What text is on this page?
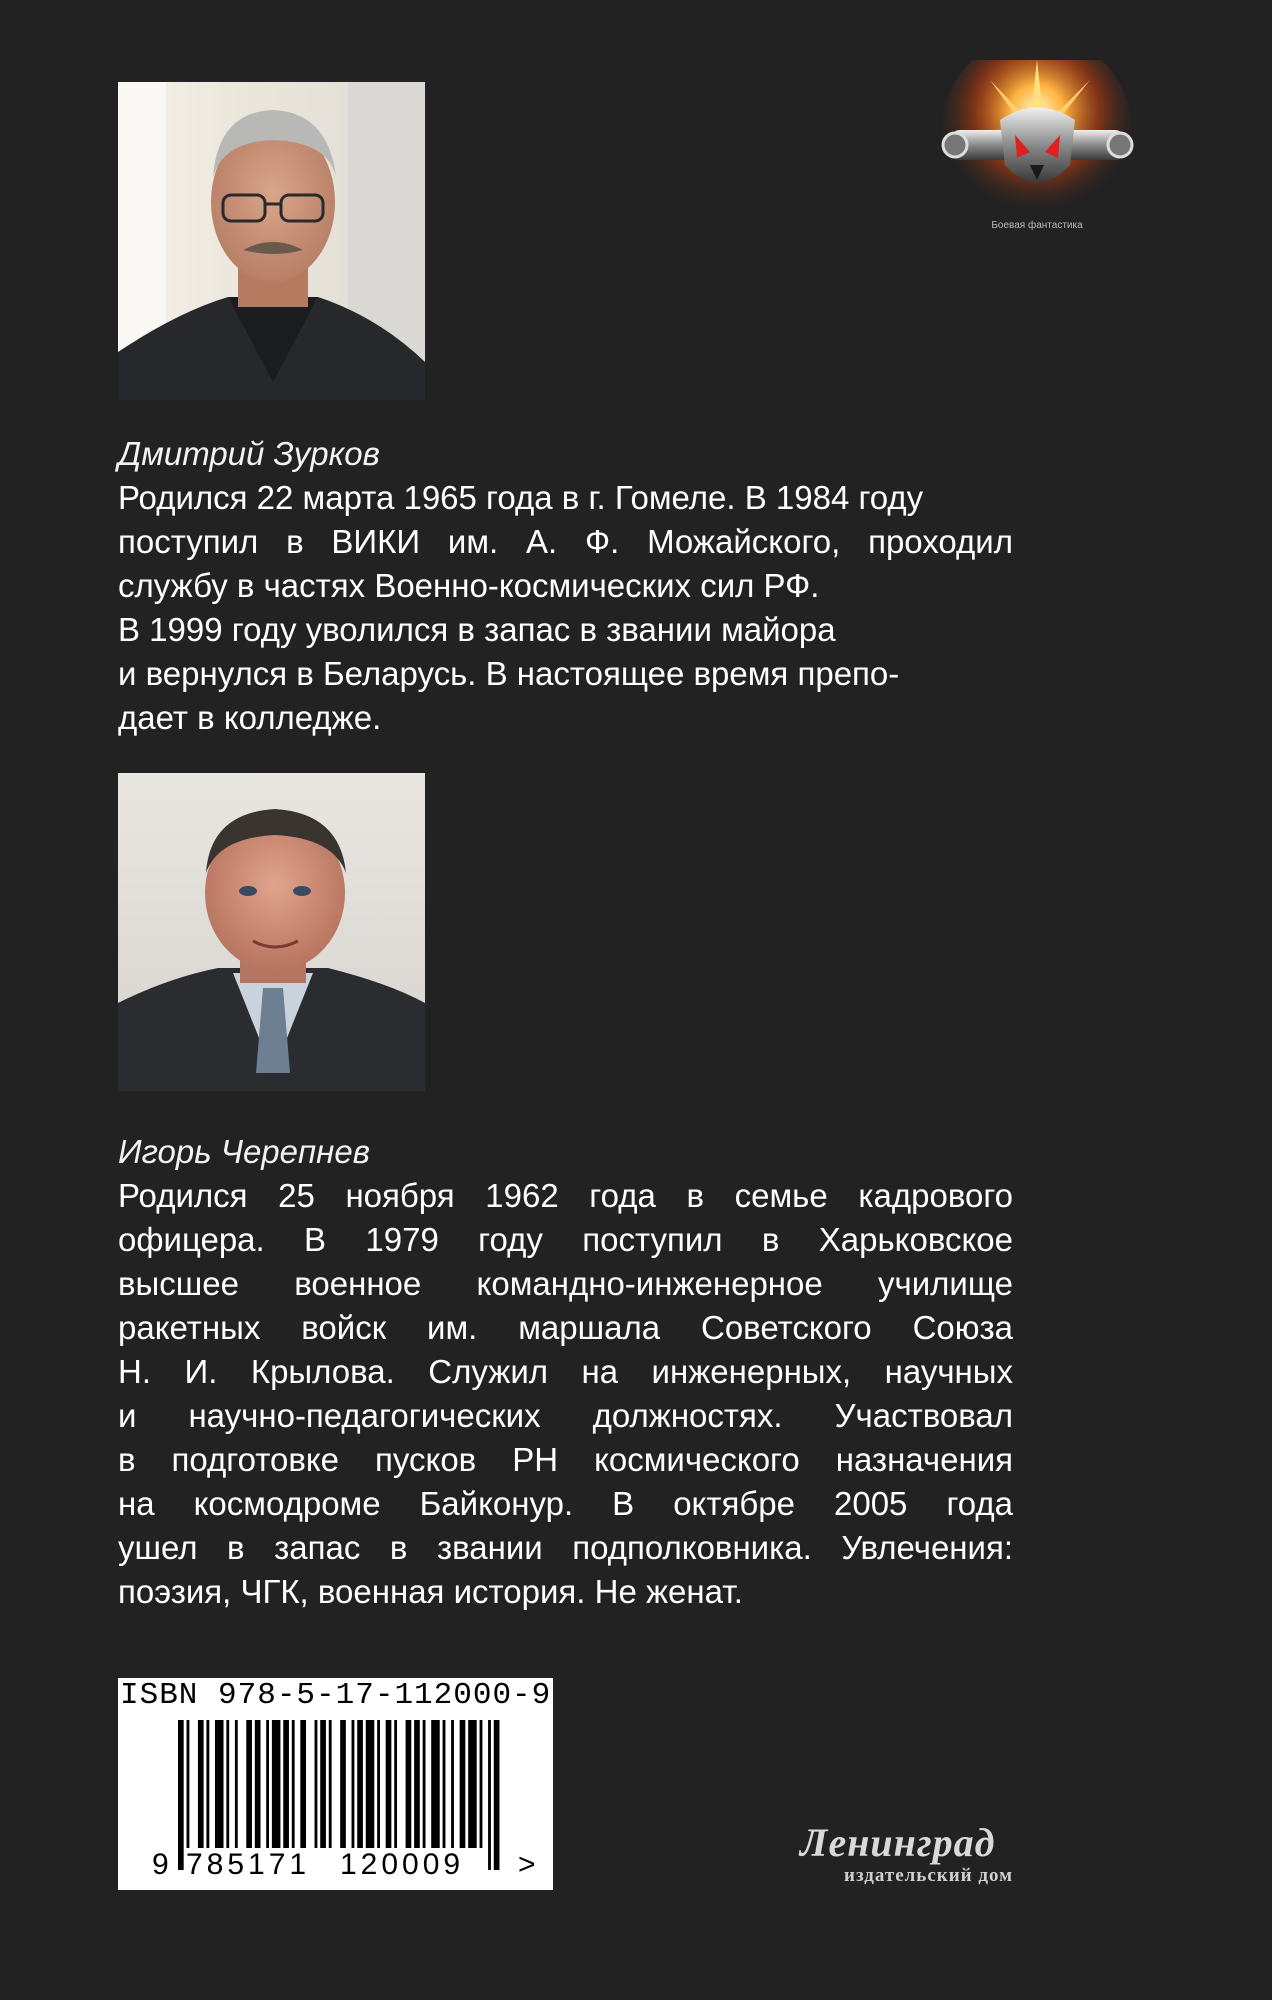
Боевая фантастика
Дмитрий Зурков
Родился 22 марта 1965 года в г. Гомеле. В 1984 году
поступил в ВИКИ им. А. Ф. Можайского, проходил
службу в частях Военно-космических сил РФ.
В 1999 году уволился в запас в звании майора
и вернулся в Беларусь. В настоящее время препо-
дает в колледже.
Игорь Черепнев
Родился 25 ноября 1962 года в семье кадрового
офицера. В 1979 году поступил в Харьковское
высшее военное командно-инженерное училище
ракетных войск им. маршала Советского Союза
Н. И. Крылова. Служил на инженерных, научных
и научно-педагогических должностях. Участвовал
в подготовке пусков РН космического назначения
на космодроме Байконур. В октябре 2005 года
ушел в запас в звании подполковника. Увлечения:
поэзия, ЧГК, военная история. Не женат.
ISBN 978-5-17-112000-9
9 785171 120009 >	Ленинград
издательский дом
